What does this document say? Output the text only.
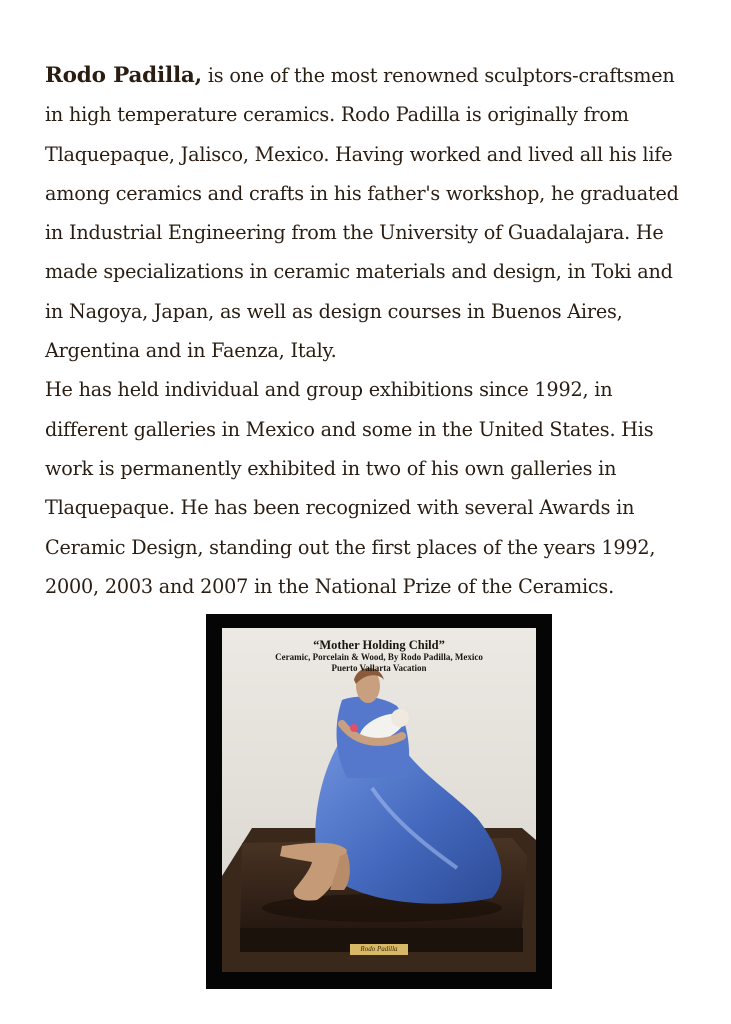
Rodo Padilla, is one of the most renowned sculptors-craftsmen in high temperature ceramics. Rodo Padilla is originally from Tlaquepaque, Jalisco, Mexico. Having worked and lived all his life among ceramics and crafts in his father's workshop, he graduated in Industrial Engineering from the University of Guadalajara. He made specializations in ceramic materials and design, in Toki and in Nagoya, Japan, as well as design courses in Buenos Aires, Argentina and in Faenza, Italy.

He has held individual and group exhibitions since 1992, in different galleries in Mexico and some in the United States. His work is permanently exhibited in two of his own galleries in Tlaquepaque. He has been recognized with several Awards in Ceramic Design, standing out the first places of the years 1992, 2000, 2003 and 2007 in the National Prize of the Ceramics.

“Mother Holding Child”
Ceramic, Porcelain & Wood, By Rodo Padilla, Mexico
Puerto Vallarta Vacation
Rodo Padilla
